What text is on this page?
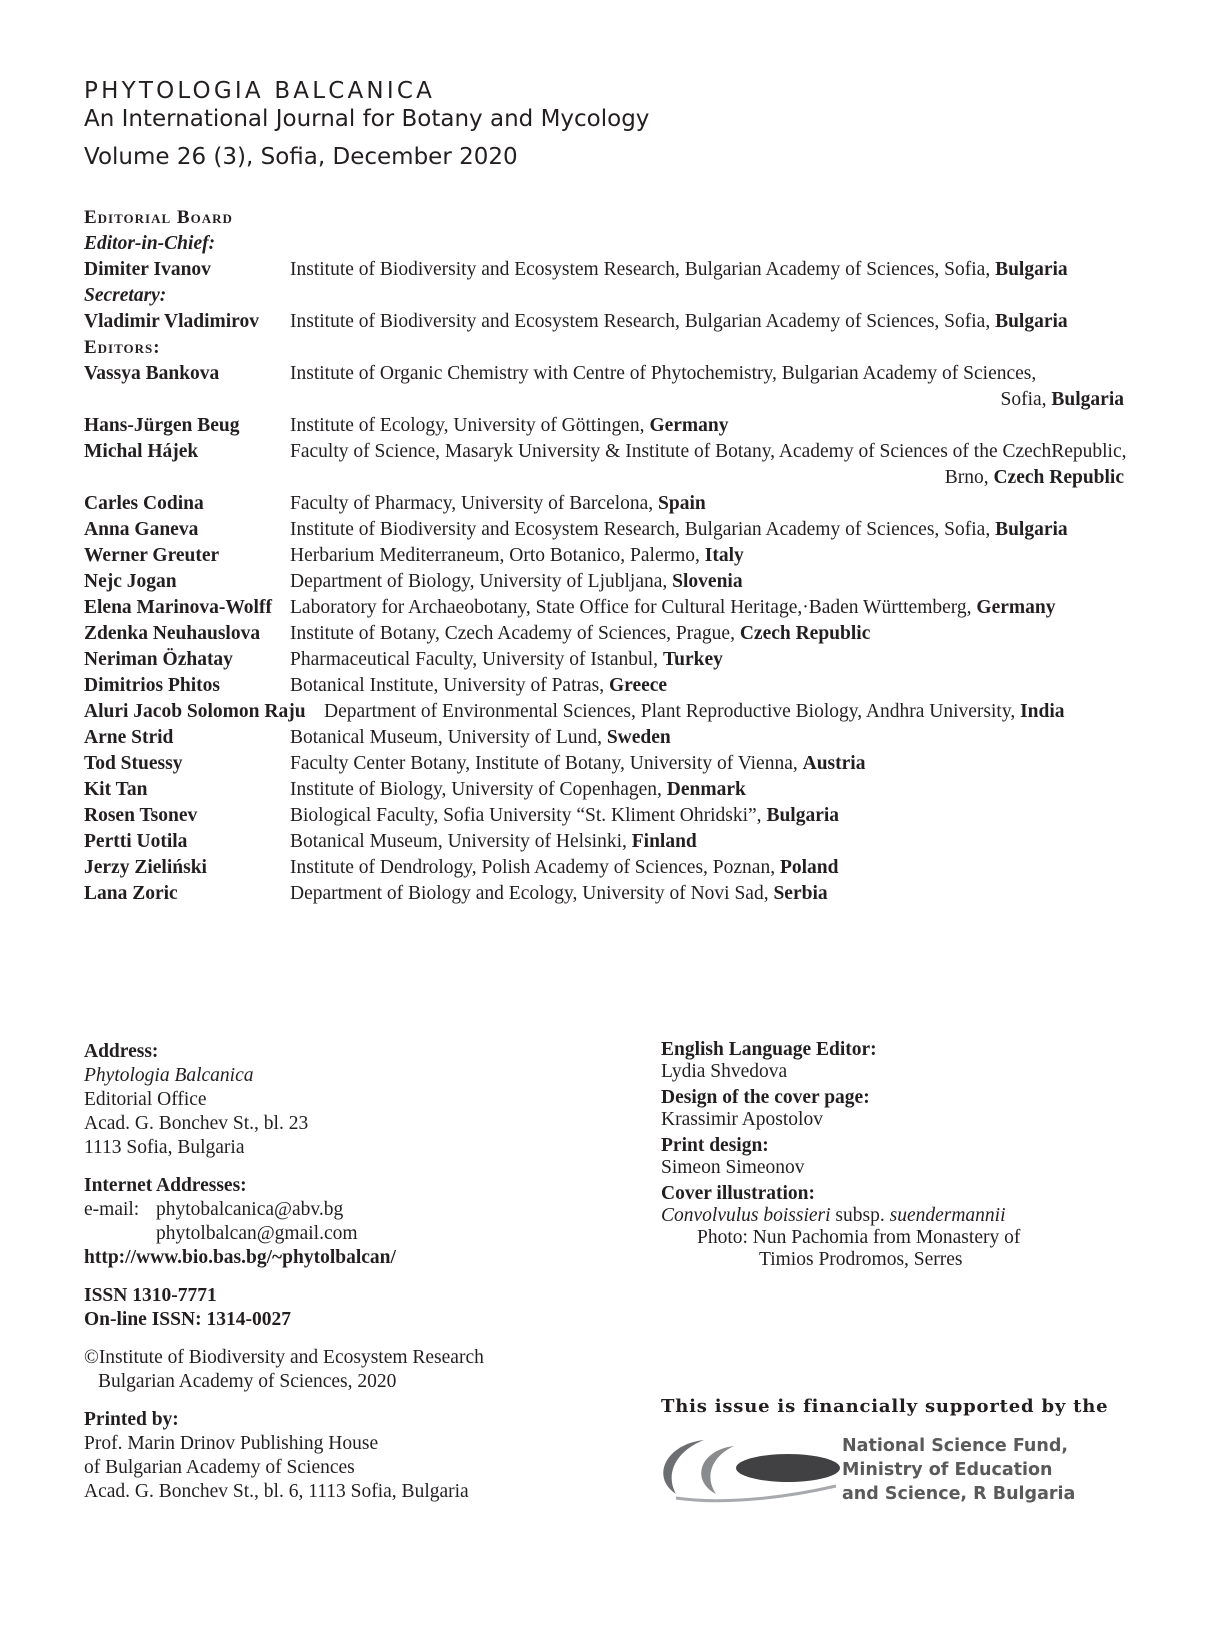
PHYTOLOGIA BALCANICA
An International Journal for Botany and Mycology
Volume 26 (3), Sofia, December 2020
Editorial Board
Editor-in-Chief:
Dimiter Ivanov	Institute of Biodiversity and Ecosystem Research, Bulgarian Academy of Sciences, Sofia, Bulgaria
Secretary:
Vladimir Vladimirov	Institute of Biodiversity and Ecosystem Research, Bulgarian Academy of Sciences, Sofia, Bulgaria
Editors:
Vassya Bankova	Institute of Organic Chemistry with Centre of Phytochemistry, Bulgarian Academy of Sciences,
Sofia, Bulgaria
Hans-Jürgen Beug	Institute of Ecology, University of Göttingen, Germany
Michal Hájek	Faculty of Science, Masaryk University & Institute of Botany, Academy of Sciences of the CzechRepublic,
Brno, Czech Republic
Carles Codina	Faculty of Pharmacy, University of Barcelona, Spain
Anna Ganeva	Institute of Biodiversity and Ecosystem Research, Bulgarian Academy of Sciences, Sofia, Bulgaria
Werner Greuter	Herbarium Mediterraneum, Orto Botanico, Palermo, Italy
Nejc Jogan	Department of Biology, University of Ljubljana, Slovenia
Elena Marinova-Wolff Laboratory for Archaeobotany, State Office for Cultural Heritage,·Baden Württemberg, Germany
Zdenka Neuhauslova	Institute of Botany, Czech Academy of Sciences, Prague, Czech Republic
Neriman Özhatay	Pharmaceutical Faculty, University of Istanbul, Turkey
Dimitrios Phitos	Botanical Institute, University of Patras, Greece
Aluri Jacob Solomon Raju Department of Environmental Sciences, Plant Reproductive Biology, Andhra University, India
Arne Strid	Botanical Museum, University of Lund, Sweden
Tod Stuessy	Faculty Center Botany, Institute of Botany, University of Vienna, Austria
Kit Tan	Institute of Biology, University of Copenhagen, Denmark
Rosen Tsonev	Biological Faculty, Sofia University “St. Kliment Ohridski”, Bulgaria
Pertti Uotila	Botanical Museum, University of Helsinki, Finland
Jerzy Zieliński	Institute of Dendrology, Polish Academy of Sciences, Poznan, Poland
Lana Zoric	Department of Biology and Ecology, University of Novi Sad, Serbia
Address:
Phytologia Balcanica
Editorial Office
Acad. G. Bonchev St., bl. 23
1113 Sofia, Bulgaria
Internet Addresses:
e-mail: phytobalcanica@abv.bg
phytolbalcan@gmail.com
http://www.bio.bas.bg/~phytolbalcan/
ISSN 1310-7771
On-line ISSN: 1314-0027
©Institute of Biodiversity and Ecosystem Research
Bulgarian Academy of Sciences, 2020
Printed by:
Prof. Marin Drinov Publishing House
of Bulgarian Academy of Sciences
Acad. G. Bonchev St., bl. 6, 1113 Sofia, Bulgaria
English Language Editor:
Lydia Shvedova
Design of the cover page:
Krassimir Apostolov
Print design:
Simeon Simeonov
Cover illustration:
Convolvulus boissieri subsp. suendermannii
Photo: Nun Pachomia from Monastery of
Timios Prodromos, Serres
This issue is financially supported by the
National Science Fund,
Ministry of Education
and Science, R Bulgaria
